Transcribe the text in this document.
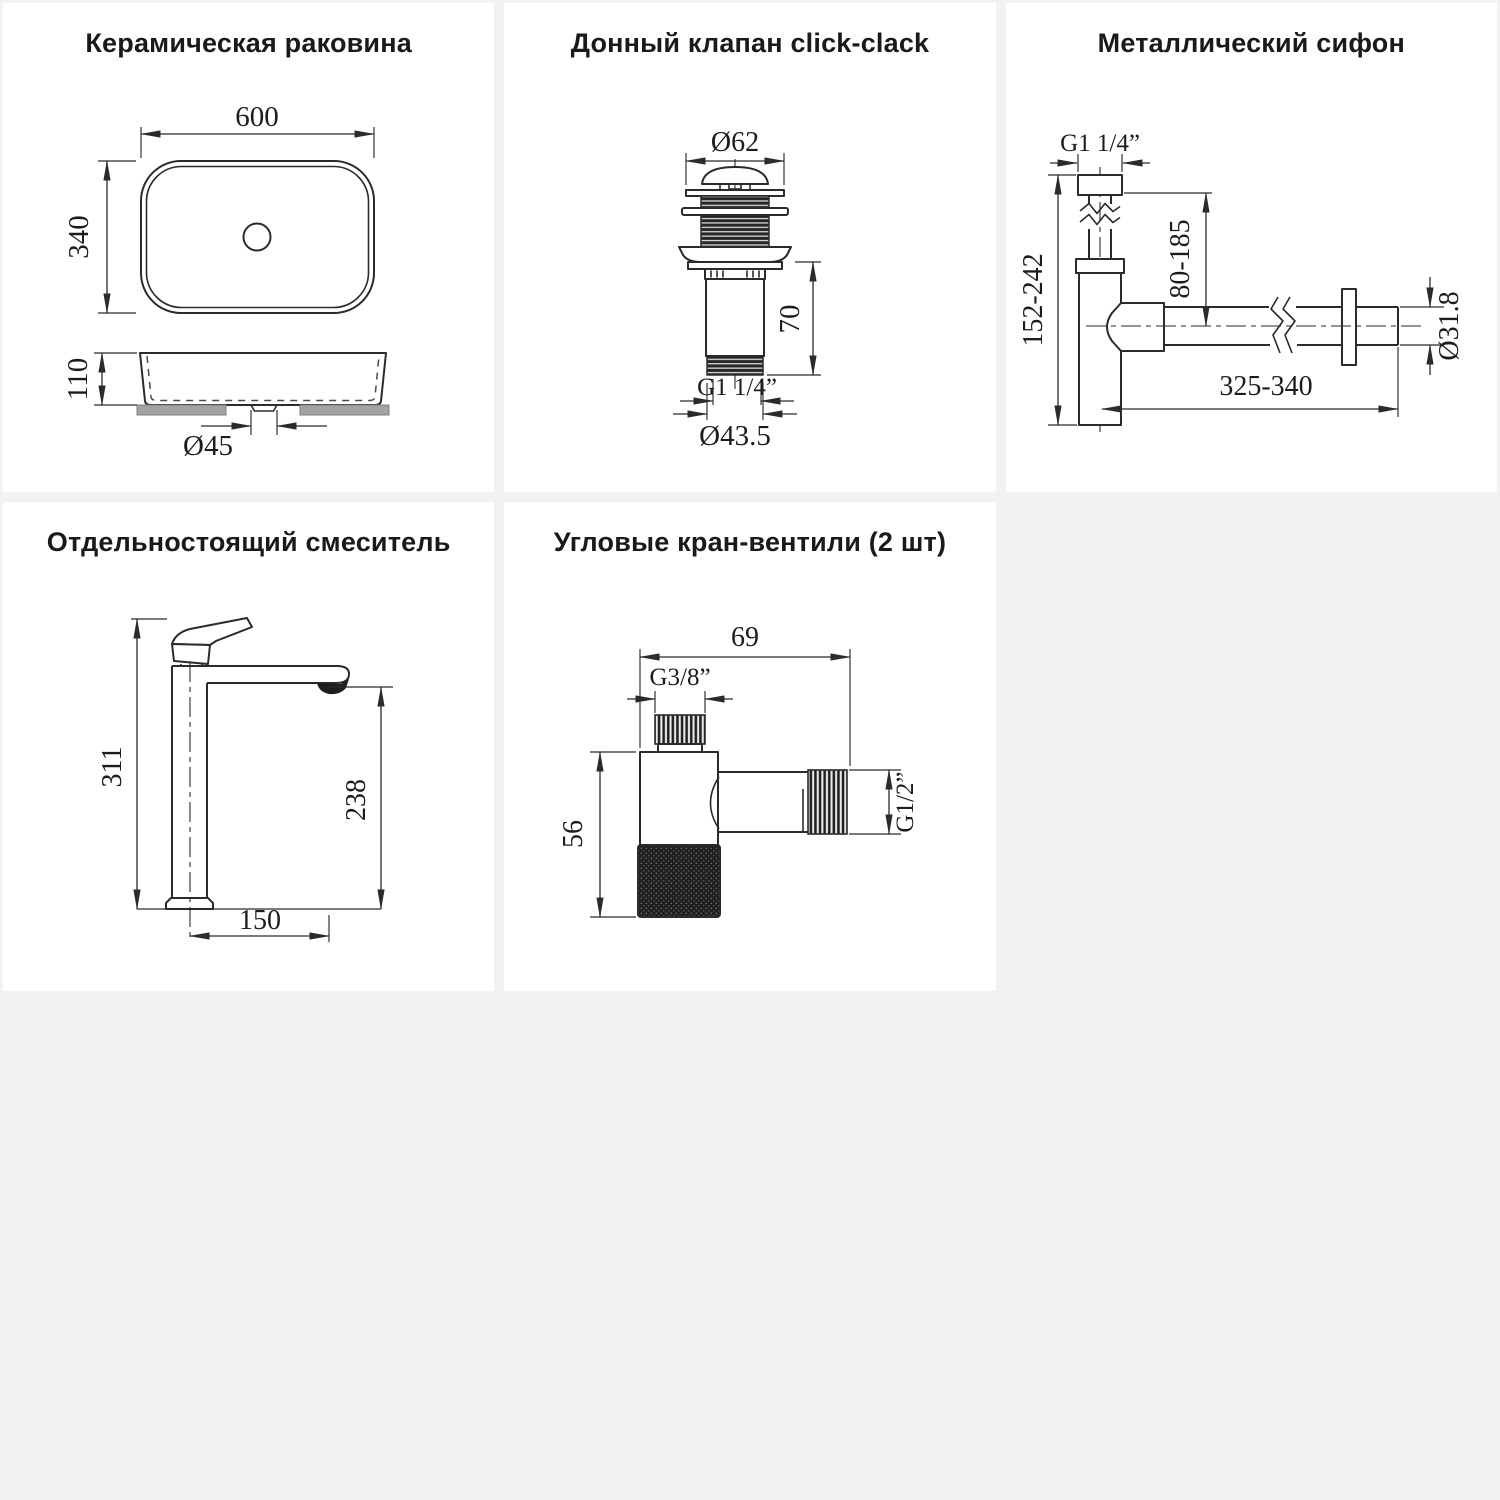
Керамическая раковина
600
340
110
Ø45
Донный клапан click-clack
Ø62
70
G1 1/4”
Ø43.5
Металлический сифон
G1 1/4”
152-242	80-185
Ø31.8
325-340
Отдельностоящий смеситель
311
238
150
Угловые кран-вентили (2 шт)
69
G3/8”
56
G1/2”
